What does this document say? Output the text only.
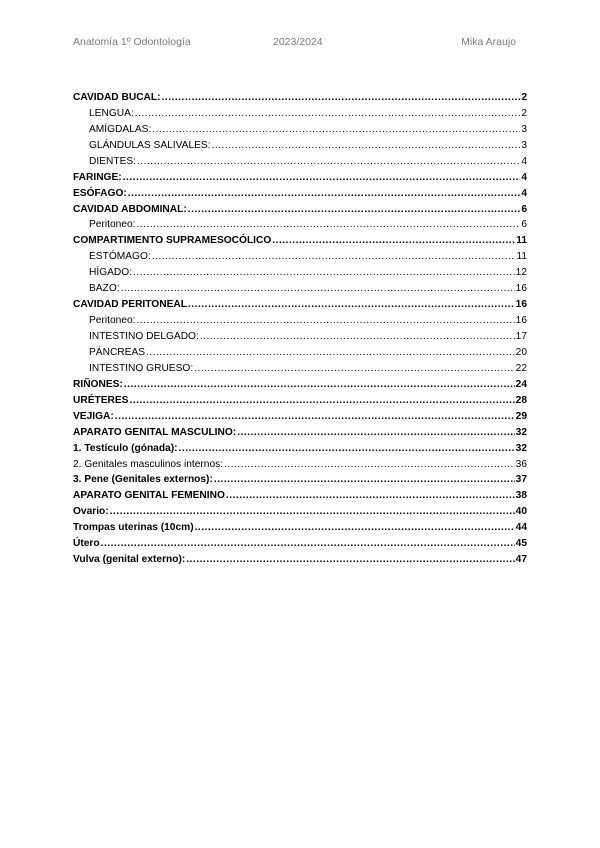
Anatomía 1º Odontología	2023/2024	Mika Araujo
CAVIDAD BUCAL: .....	2
LENGUA: .....	2
AMÍGDALAS: .....	3
GLÁNDULAS SALIVALES: .....	3
DIENTES: .....	4
FARINGE: .....	4
ESÓFAGO: .....	4
CAVIDAD ABDOMINAL: .....	6
Peritoneo: .....	6
COMPARTIMENTO SUPRAMESOCÓLICO .....	11
ESTÓMAGO: .....	11
HÍGADO: .....	12
BAZO: .....	16
CAVIDAD PERITONEAL .....	16
Peritoneo: .....	16
INTESTINO DELGADO: .....	17
PÁNCREAS .....	20
INTESTINO GRUESO: .....	22
RIÑONES: .....	24
URÉTERES .....	28
VEJIGA: .....	29
APARATO GENITAL MASCULINO: .....	32
1. Testículo (gónada): .....	32
2. Genitales masculinos internos: .....	36
3. Pene (Genitales externos): .....	37
APARATO GENITAL FEMENINO .....	38
Ovario: .....	40
Trompas uterinas (10cm) .....	44
Útero .....	45
Vulva (genital externo): .....	47
